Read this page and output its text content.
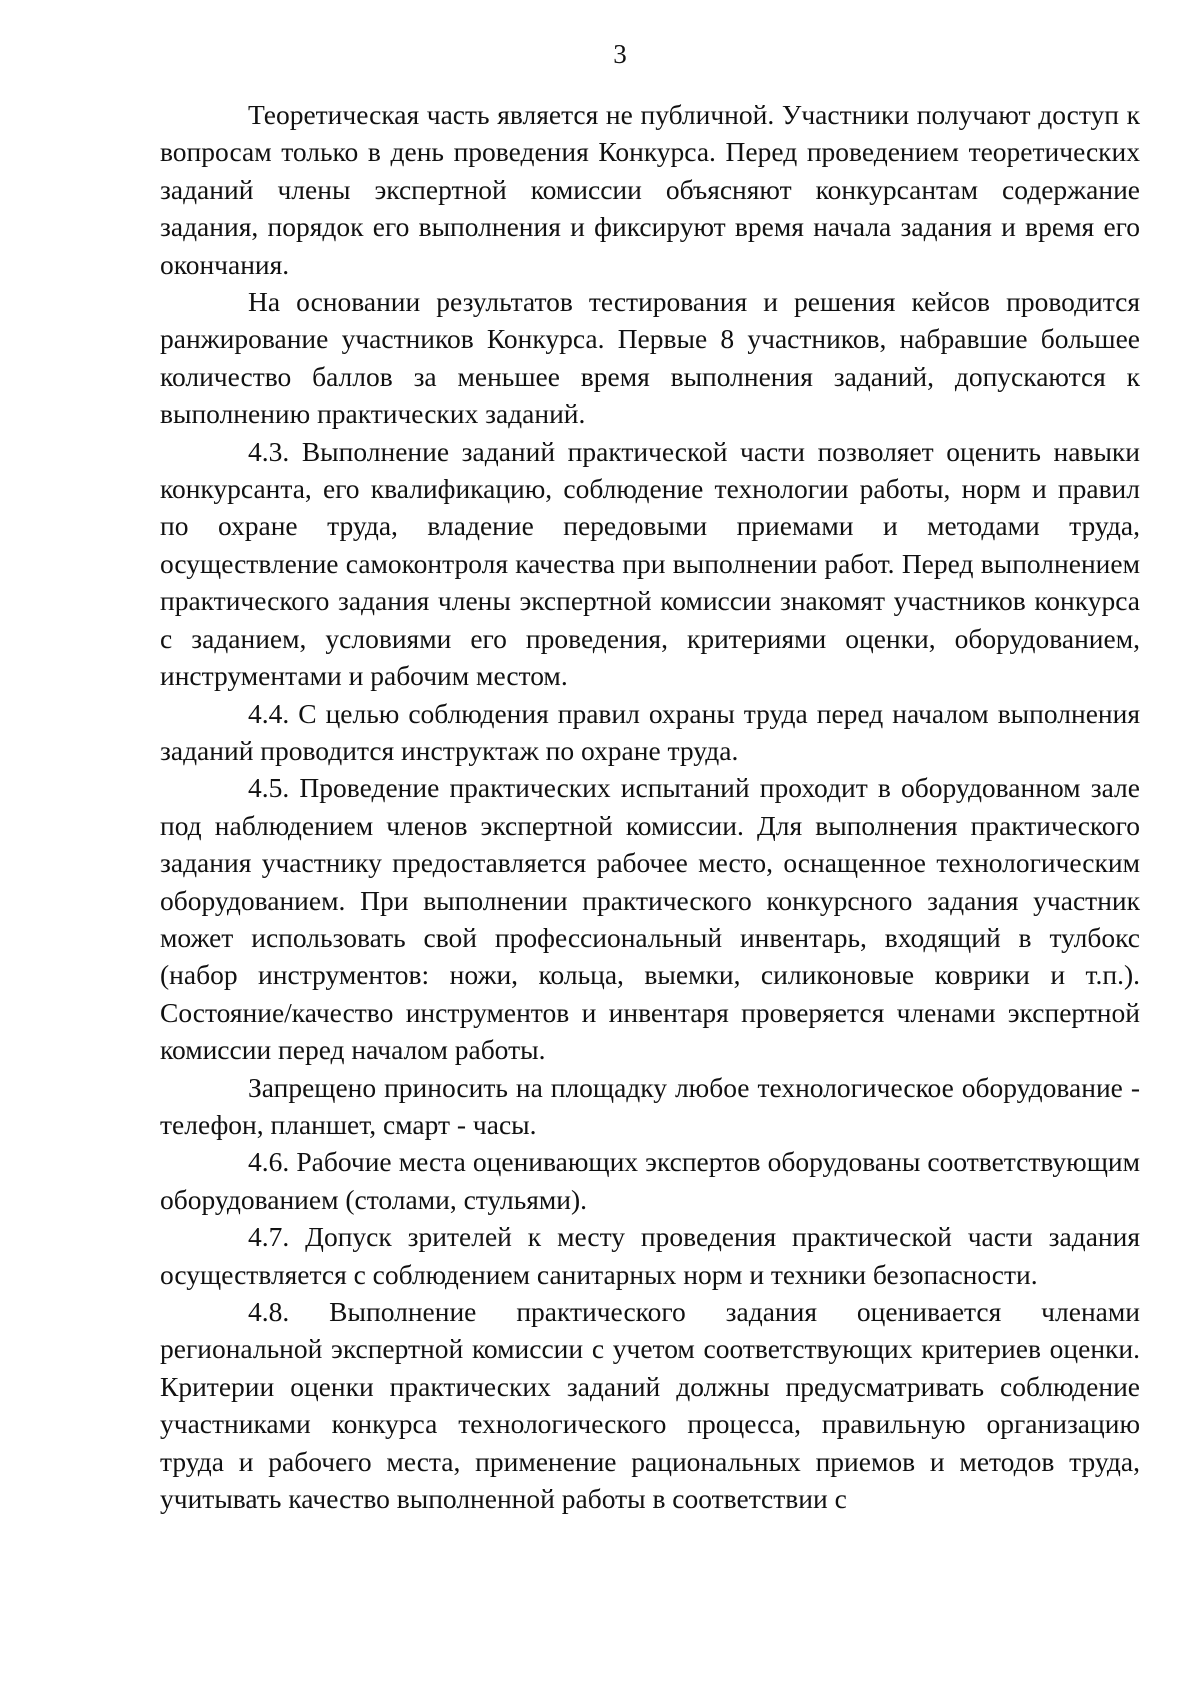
3

Теоретическая часть является не публичной. Участники получают доступ к вопросам только в день проведения Конкурса. Перед проведением теоретических заданий члены экспертной комиссии объясняют конкурсантам содержание задания, порядок его выполнения и фиксируют время начала задания и время его окончания.

На основании результатов тестирования и решения кейсов проводится ранжирование участников Конкурса. Первые 8 участников, набравшие большее количество баллов за меньшее время выполнения заданий, допускаются к выполнению практических заданий.

4.3. Выполнение заданий практической части позволяет оценить навыки конкурсанта, его квалификацию, соблюдение технологии работы, норм и правил по охране труда, владение передовыми приемами и методами труда, осуществление самоконтроля качества при выполнении работ. Перед выполнением практического задания члены экспертной комиссии знакомят участников конкурса с заданием, условиями его проведения, критериями оценки, оборудованием, инструментами и рабочим местом.

4.4. С целью соблюдения правил охраны труда перед началом выполнения заданий проводится инструктаж по охране труда.

4.5. Проведение практических испытаний проходит в оборудованном зале под наблюдением членов экспертной комиссии. Для выполнения практического задания участнику предоставляется рабочее место, оснащенное технологическим оборудованием. При выполнении практического конкурсного задания участник может использовать свой профессиональный инвентарь, входящий в тулбокс (набор инструментов: ножи, кольца, выемки, силиконовые коврики и т.п.). Состояние/качество инструментов и инвентаря проверяется членами экспертной комиссии перед началом работы.

Запрещено приносить на площадку любое технологическое оборудование - телефон, планшет, смарт - часы.

4.6. Рабочие места оценивающих экспертов оборудованы соответствующим оборудованием (столами, стульями).

4.7. Допуск зрителей к месту проведения практической части задания осуществляется с соблюдением санитарных норм и техники безопасности.

4.8. Выполнение практического задания оценивается членами региональной экспертной комиссии с учетом соответствующих критериев оценки. Критерии оценки практических заданий должны предусматривать соблюдение участниками конкурса технологического процесса, правильную организацию труда и рабочего места, применение рациональных приемов и методов труда, учитывать качество выполненной работы в соответствии с
